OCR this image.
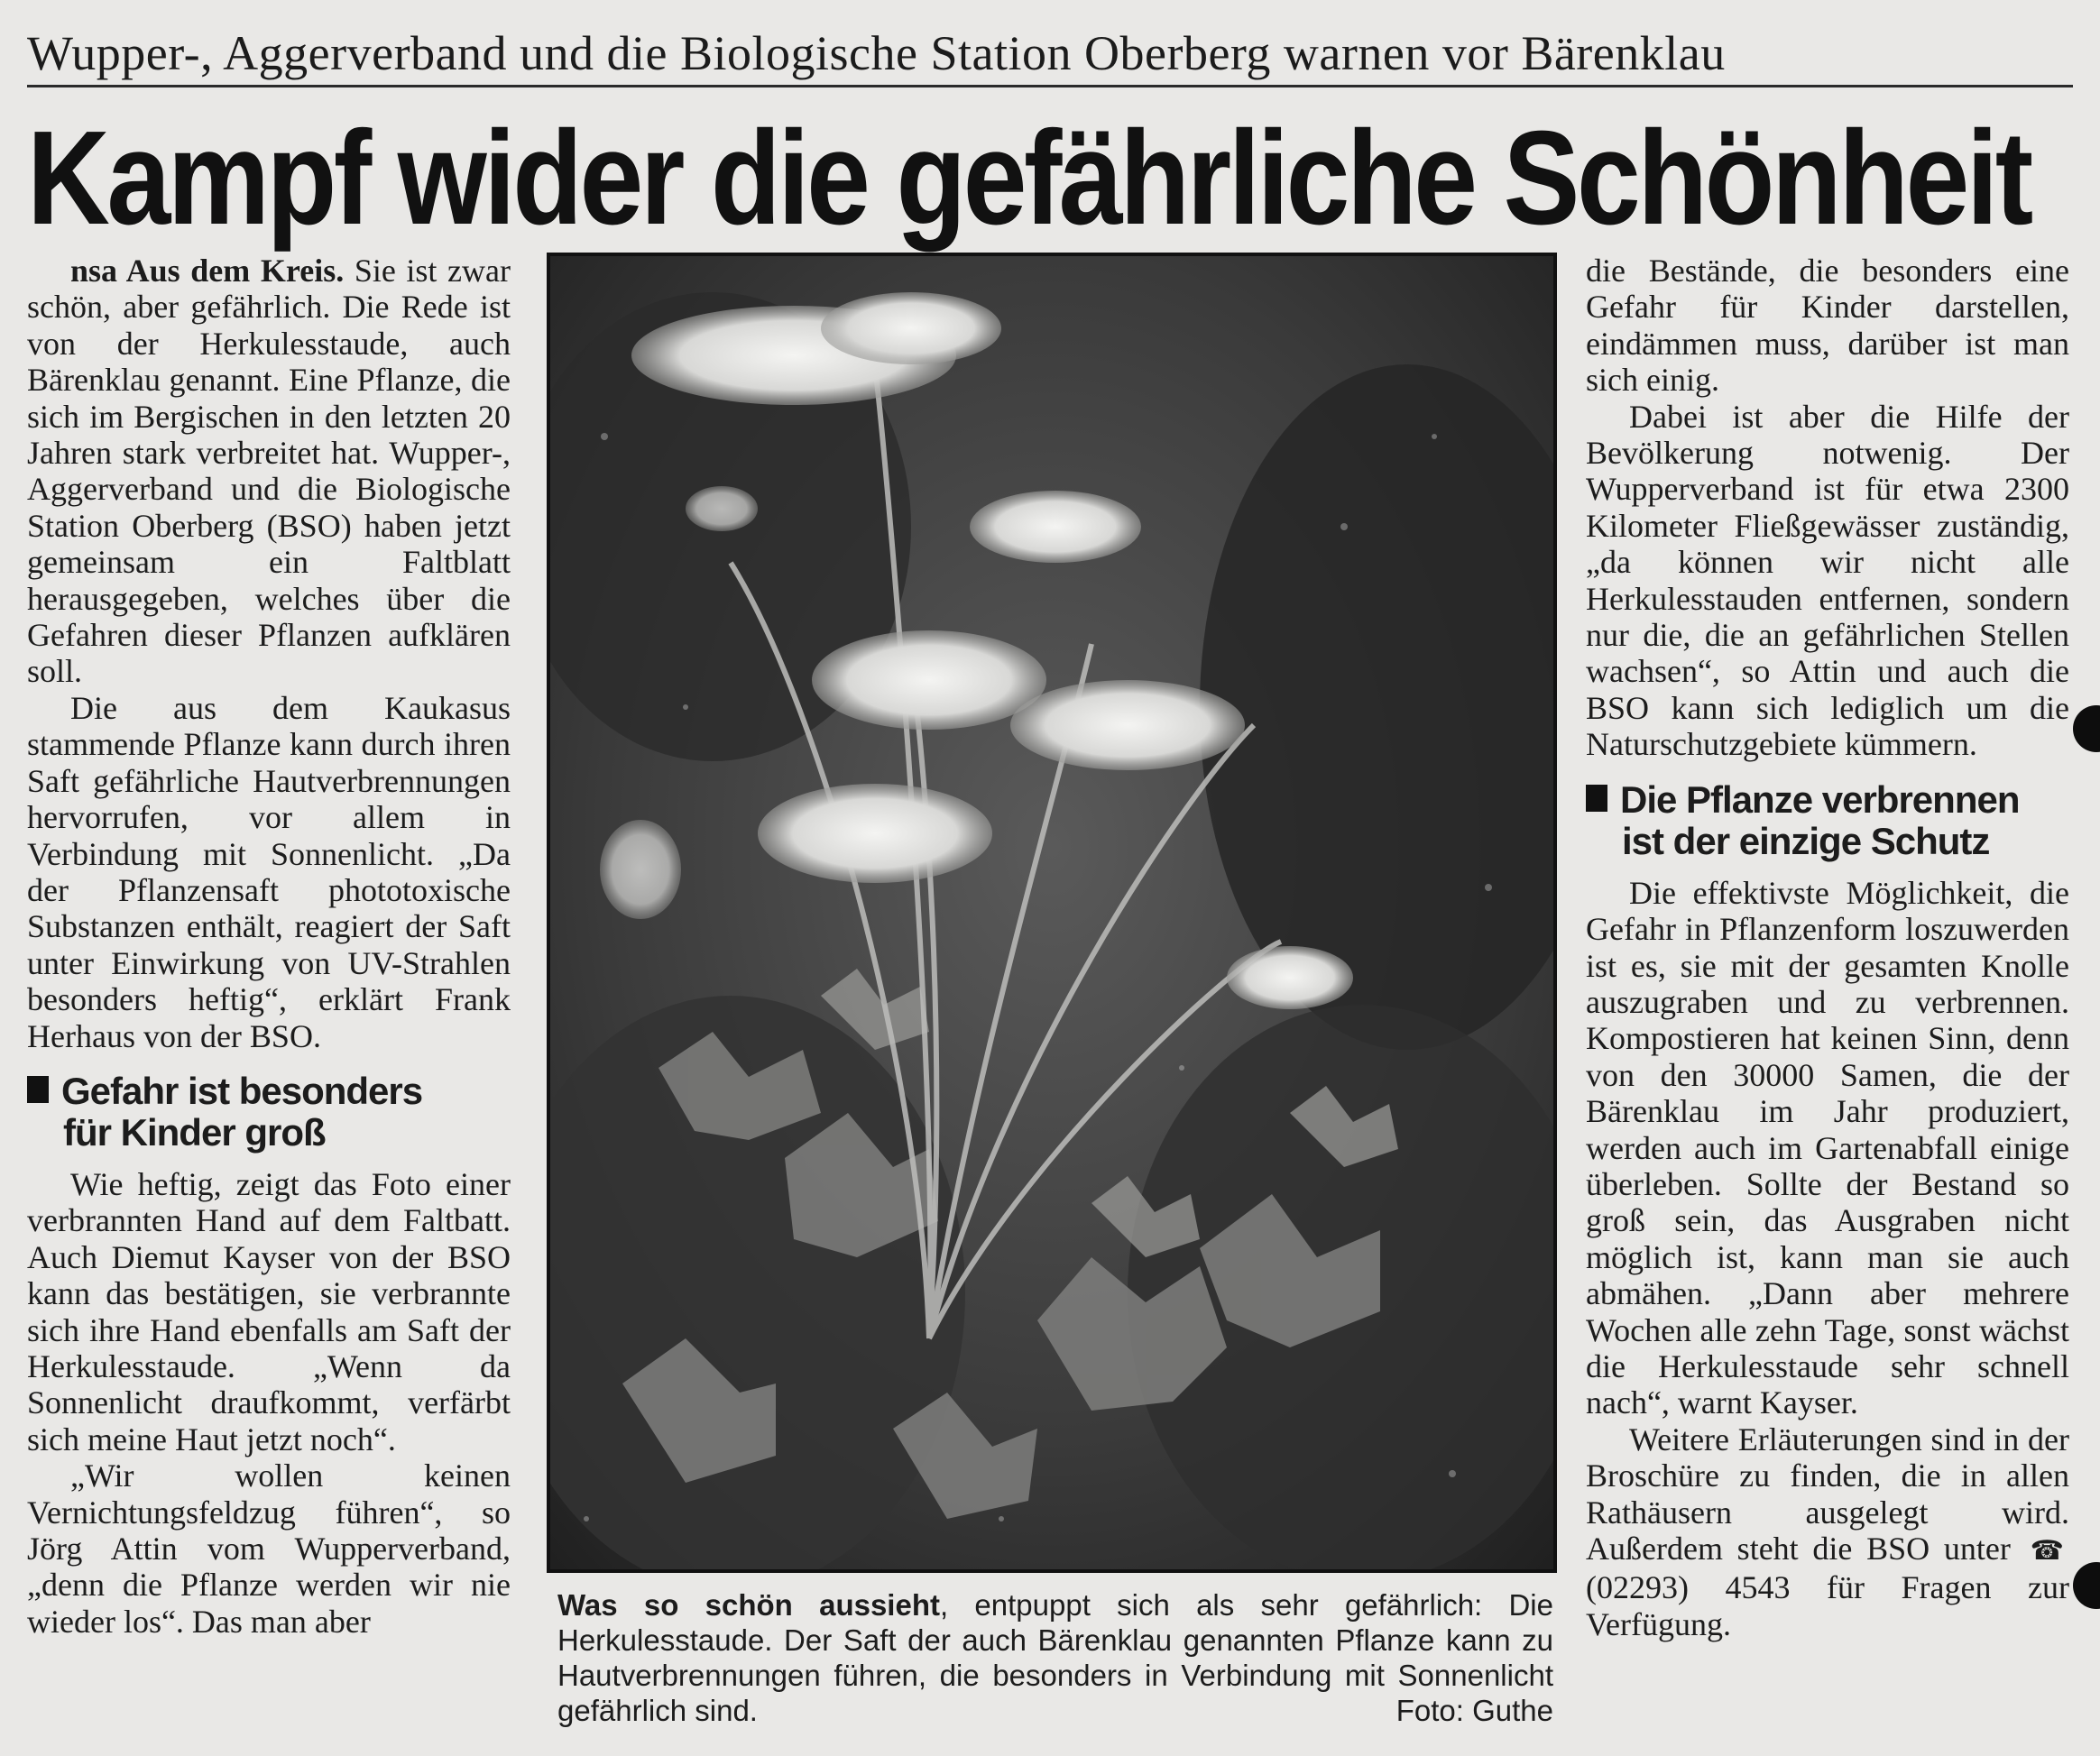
Wupper-, Aggerverband und die Biologische Station Oberberg warnen vor Bärenklau
Kampf wider die gefährliche Schönheit

nsa Aus dem Kreis. Sie ist zwar schön, aber gefährlich. Die Rede ist von der Herkulesstaude, auch Bärenklau genannt. Eine Pflanze, die sich im Bergischen in den letzten 20 Jahren stark verbreitet hat. Wupper-, Aggerverband und die Biologische Station Oberberg (BSO) haben jetzt gemeinsam ein Faltblatt herausgegeben, welches über die Gefahren dieser Pflanzen aufklären soll.

Die aus dem Kaukasus stammende Pflanze kann durch ihren Saft gefährliche Hautverbrennungen hervorrufen, vor allem in Verbindung mit Sonnenlicht. „Da der Pflanzensaft phototoxische Substanzen enthält, reagiert der Saft unter Einwirkung von UV-Strahlen besonders heftig“, erklärt Frank Herhaus von der BSO.

Gefahr ist besonders
für Kinder groß

Wie heftig, zeigt das Foto einer verbrannten Hand auf dem Faltbatt. Auch Diemut Kayser von der BSO kann das bestätigen, sie verbrannte sich ihre Hand ebenfalls am Saft der Herkulesstaude. „Wenn da Sonnenlicht draufkommt, verfärbt sich meine Haut jetzt noch“.

„Wir wollen keinen Vernichtungsfeldzug führen“, so Jörg Attin vom Wupperverband, „denn die Pflanze werden wir nie wieder los“. Das man aber	Was so schön aussieht, entpuppt sich als sehr gefährlich: Die Herkulesstaude. Der Saft der auch Bärenklau genannten Pflanze kann zu Hautverbrennungen führen, die besonders in Verbindung mit Sonnenlicht gefährlich sind.	Foto: Guthe

die Bestände, die besonders eine Gefahr für Kinder darstellen, eindämmen muss, darüber ist man sich einig.

Dabei ist aber die Hilfe der Bevölkerung notwenig. Der Wupperverband ist für etwa 2300 Kilometer Fließgewässer zuständig, „da können wir nicht alle Herkulesstauden entfernen, sondern nur die, die an gefährlichen Stellen wachsen“, so Attin und auch die BSO kann sich lediglich um die Naturschutzgebiete kümmern.

Die Pflanze verbrennen
ist der einzige Schutz

Die effektivste Möglichkeit, die Gefahr in Pflanzenform loszuwerden ist es, sie mit der gesamten Knolle auszugraben und zu verbrennen. Kompostieren hat keinen Sinn, denn von den 30000 Samen, die der Bärenklau im Jahr produziert, werden auch im Gartenabfall einige überleben. Sollte der Bestand so groß sein, das Ausgraben nicht möglich ist, kann man sie auch abmähen. „Dann aber mehrere Wochen alle zehn Tage, sonst wächst die Herkulesstaude sehr schnell nach“, warnt Kayser.

Weitere Erläuterungen sind in der Broschüre zu finden, die in allen Rathäusern ausgelegt wird. Außerdem steht die BSO unter ☎ (02293) 4543 für Fragen zur Verfügung.
